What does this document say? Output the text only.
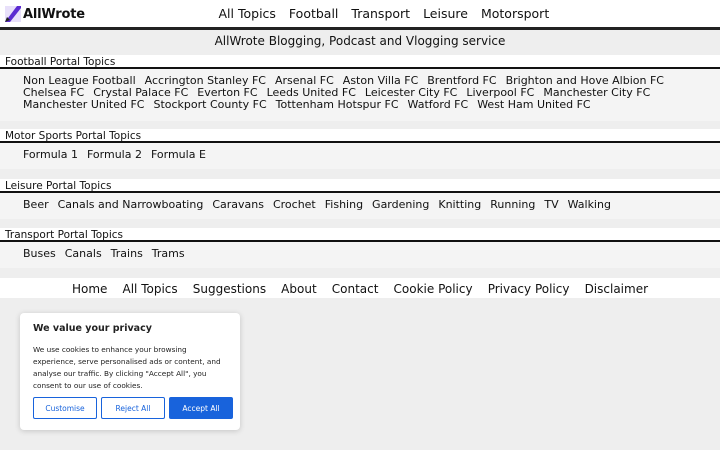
AllWrote	All Topics Football Transport Leisure Motorsport
AllWrote Blogging, Podcast and Vlogging service
Football Portal Topics
Non League Football Accrington Stanley FC Arsenal FC Aston Villa FC Brentford FC Brighton and Hove Albion FCChelsea FC Crystal Palace FC Everton FC Leeds United FC Leicester City FC Liverpool FC Manchester City FCManchester United FC Stockport County FC Tottenham Hotspur FC Watford FC West Ham United FC
Motor Sports Portal Topics
Formula 1 Formula 2 Formula E
Leisure Portal Topics
Beer Canals and Narrowboating Caravans Crochet Fishing Gardening Knitting Running TV Walking
Transport Portal Topics
Buses Canals Trains Trams
Home All Topics Suggestions About Contact Cookie Policy Privacy Policy Disclaimer
We value your privacy

We use cookies to enhance your browsing experience, serve personalised ads or content, and analyse our traffic. By clicking "Accept All", you consent to our use of cookies.

Customise	Reject All	Accept All
